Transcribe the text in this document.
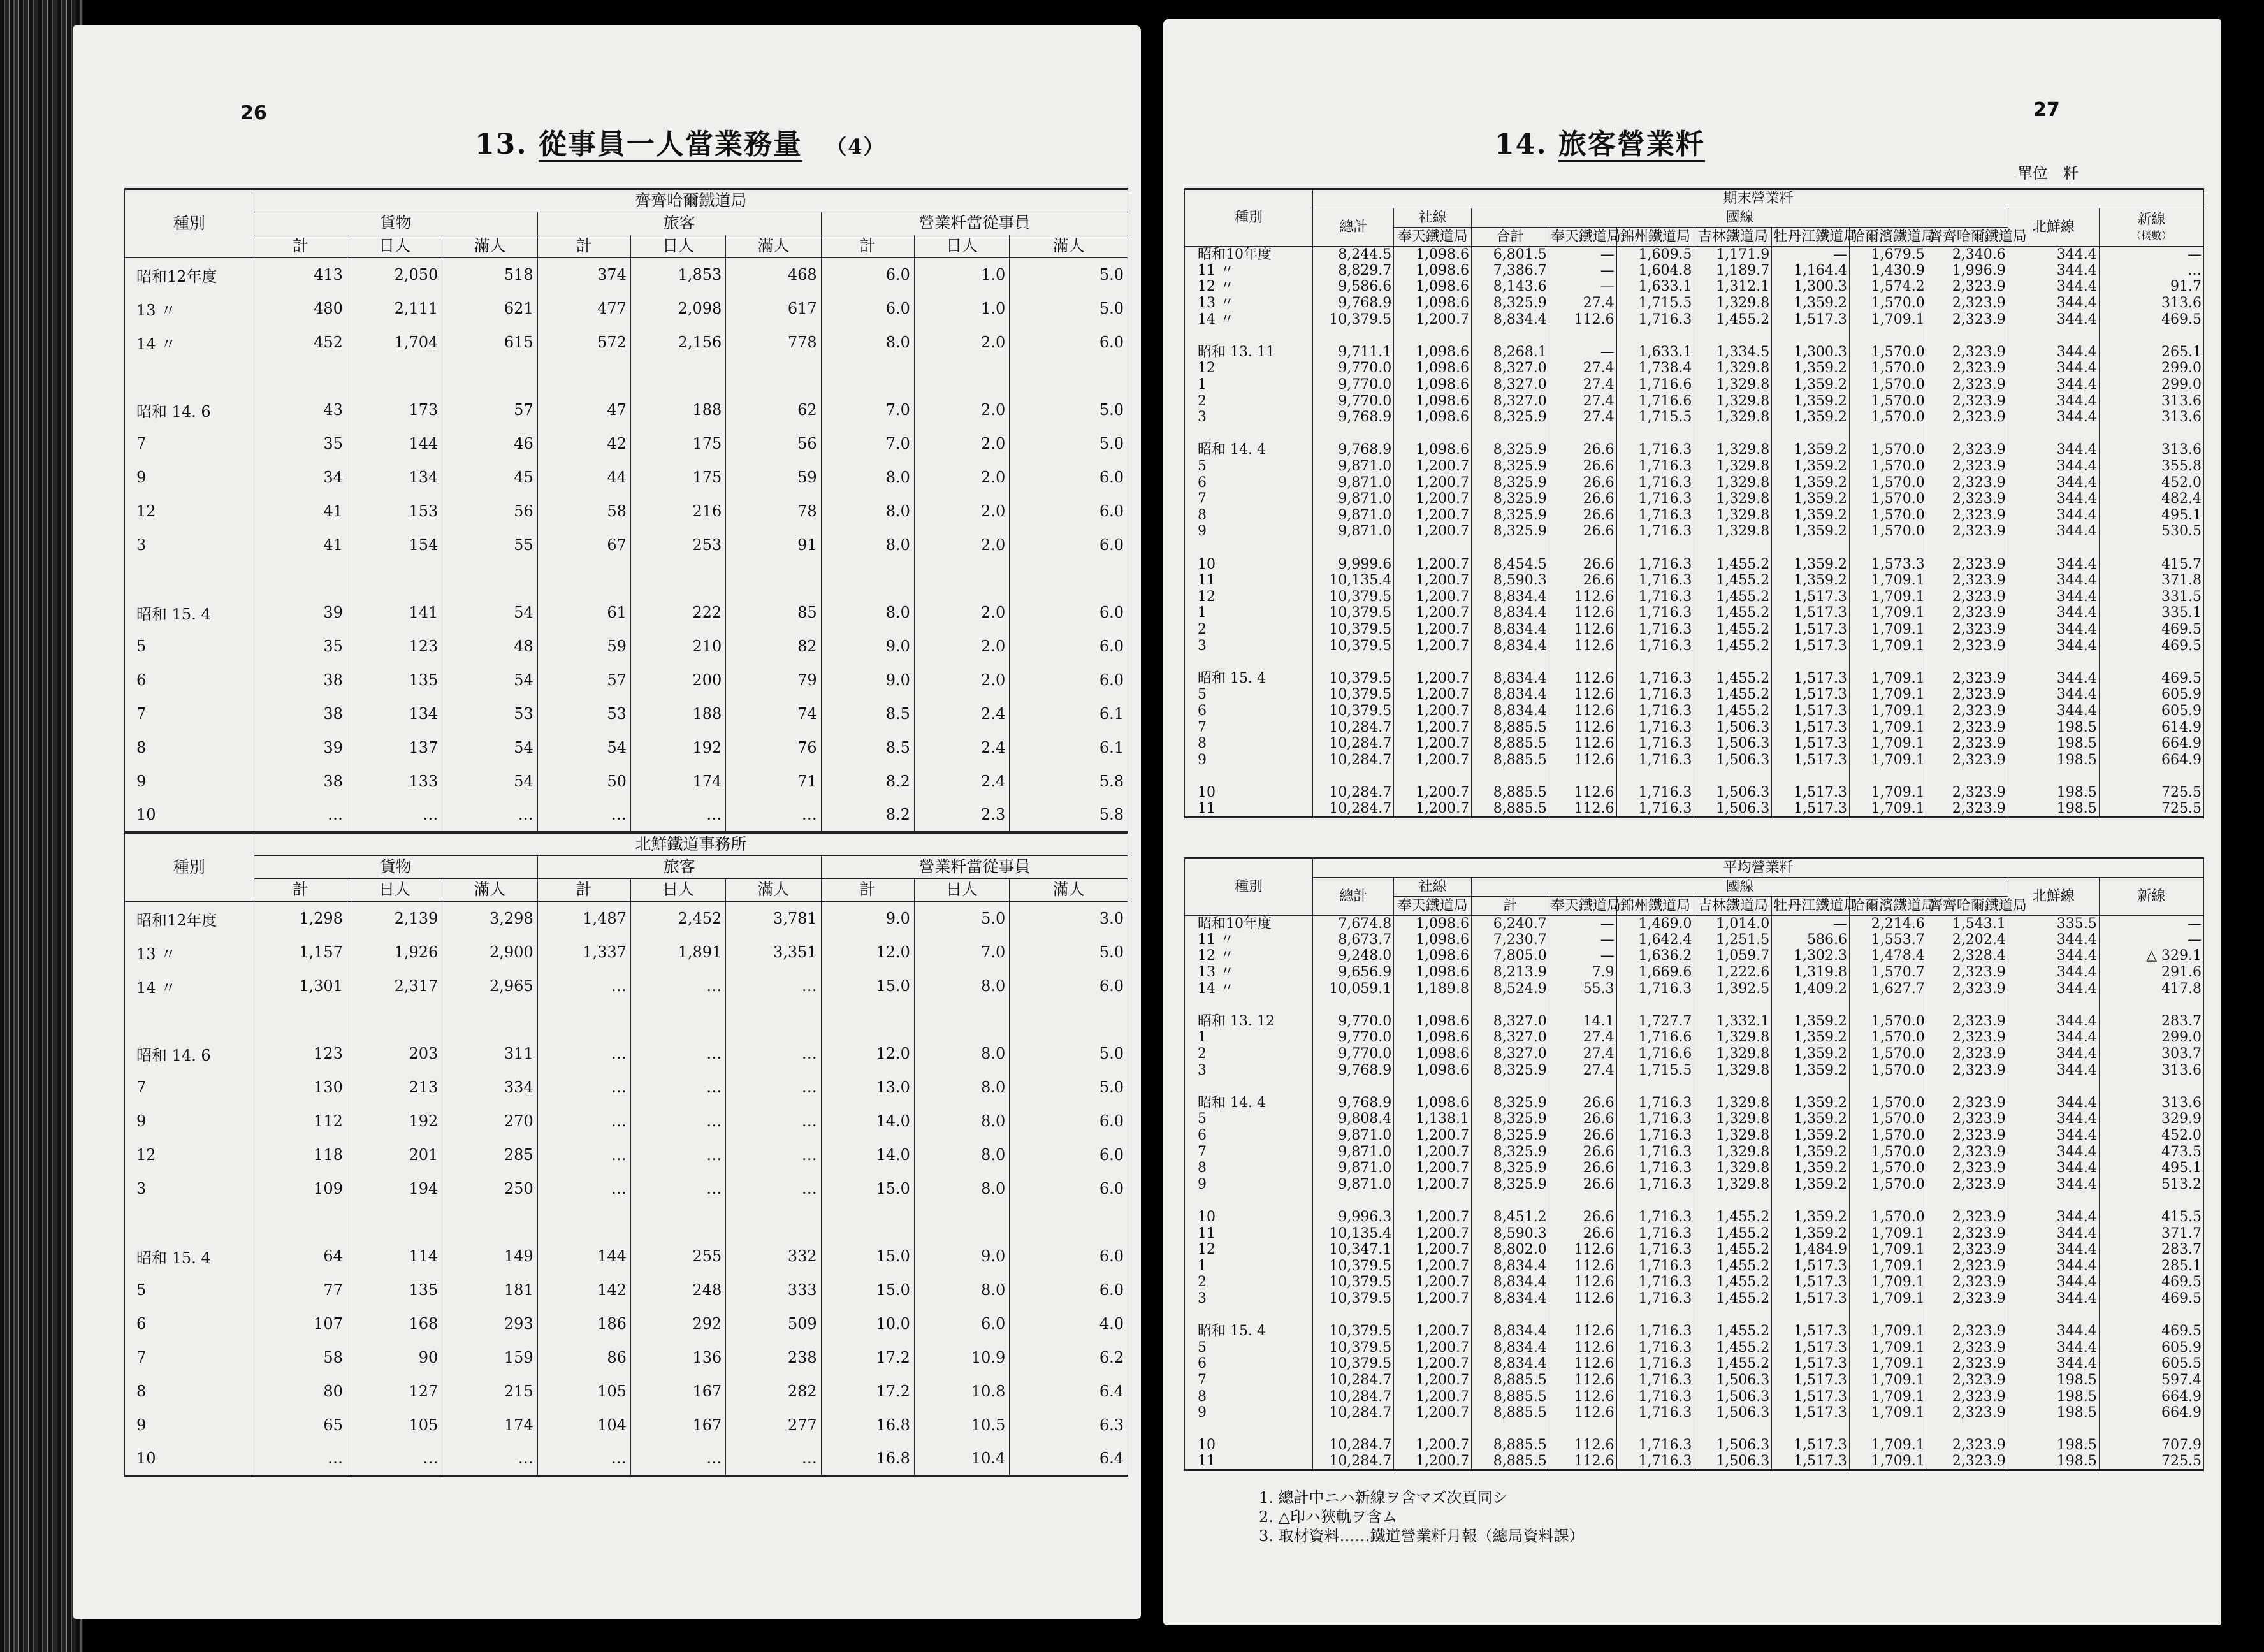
26
13. 從事員一人當業務量 （4）
種別	齊齊哈爾鐵道局								
	貨物			旅客			營業粁當從事員		
	計	日人	滿人	計	日人	滿人	計	日人	滿人
昭和12年度	413	2,050	518	374	1,853	468	6.0	1.0	5.0
13 〃	480	2,111	621	477	2,098	617	6.0	1.0	5.0
14 〃	452	1,704	615	572	2,156	778	8.0	2.0	6.0

昭和 14. 6	43	173	57	47	188	62	7.0	2.0	5.0
7	35	144	46	42	175	56	7.0	2.0	5.0
9	34	134	45	44	175	59	8.0	2.0	6.0
12	41	153	56	58	216	78	8.0	2.0	6.0
3	41	154	55	67	253	91	8.0	2.0	6.0

昭和 15. 4	39	141	54	61	222	85	8.0	2.0	6.0
5	35	123	48	59	210	82	9.0	2.0	6.0
6	38	135	54	57	200	79	9.0	2.0	6.0
7	38	134	53	53	188	74	8.5	2.4	6.1
8	39	137	54	54	192	76	8.5	2.4	6.1
9	38	133	54	50	174	71	8.2	2.4	5.8
10	…	…	…	…	…	…	8.2	2.3	5.8
種別	北鮮鐵道事務所								
	貨物			旅客			營業粁當從事員		
	計	日人	滿人	計	日人	滿人	計	日人	滿人
昭和12年度	1,298	2,139	3,298	1,487	2,452	3,781	9.0	5.0	3.0
13 〃	1,157	1,926	2,900	1,337	1,891	3,351	12.0	7.0	5.0
14 〃	1,301	2,317	2,965	…	…	…	15.0	8.0	6.0

昭和 14. 6	123	203	311	…	…	…	12.0	8.0	5.0
7	130	213	334	…	…	…	13.0	8.0	5.0
9	112	192	270	…	…	…	14.0	8.0	6.0
12	118	201	285	…	…	…	14.0	8.0	6.0
3	109	194	250	…	…	…	15.0	8.0	6.0

昭和 15. 4	64	114	149	144	255	332	15.0	9.0	6.0
5	77	135	181	142	248	333	15.0	8.0	6.0
6	107	168	293	186	292	509	10.0	6.0	4.0
7	58	90	159	86	136	238	17.2	10.9	6.2
8	80	127	215	105	167	282	17.2	10.8	6.4
9	65	105	174	104	167	277	16.8	10.5	6.3
10	…	…	…	…	…	…	16.8	10.4	6.4
27
14. 旅客營業粁
單位　粁
種別	期末營業粁										
	總計	社線	國線							北鮮線	新線
（概數）
		奉天鐵道局	合計	奉天鐵道局	錦州鐵道局	吉林鐵道局	牡丹江鐵道局	哈爾濱鐵道局	齊齊哈爾鐵道局		
昭和10年度	8,244.5	1,098.6	6,801.5	—	1,609.5	1,171.9	—	1,679.5	2,340.6	344.4	—
11 〃	8,829.7	1,098.6	7,386.7	—	1,604.8	1,189.7	1,164.4	1,430.9	1,996.9	344.4	…
12 〃	9,586.6	1,098.6	8,143.6	—	1,633.1	1,312.1	1,300.3	1,574.2	2,323.9	344.4	91.7
13 〃	9,768.9	1,098.6	8,325.9	27.4	1,715.5	1,329.8	1,359.2	1,570.0	2,323.9	344.4	313.6
14 〃	10,379.5	1,200.7	8,834.4	112.6	1,716.3	1,455.2	1,517.3	1,709.1	2,323.9	344.4	469.5

昭和 13. 11	9,711.1	1,098.6	8,268.1	—	1,633.1	1,334.5	1,300.3	1,570.0	2,323.9	344.4	265.1
12	9,770.0	1,098.6	8,327.0	27.4	1,738.4	1,329.8	1,359.2	1,570.0	2,323.9	344.4	299.0
1	9,770.0	1,098.6	8,327.0	27.4	1,716.6	1,329.8	1,359.2	1,570.0	2,323.9	344.4	299.0
2	9,770.0	1,098.6	8,327.0	27.4	1,716.6	1,329.8	1,359.2	1,570.0	2,323.9	344.4	313.6
3	9,768.9	1,098.6	8,325.9	27.4	1,715.5	1,329.8	1,359.2	1,570.0	2,323.9	344.4	313.6

昭和 14. 4	9,768.9	1,098.6	8,325.9	26.6	1,716.3	1,329.8	1,359.2	1,570.0	2,323.9	344.4	313.6
5	9,871.0	1,200.7	8,325.9	26.6	1,716.3	1,329.8	1,359.2	1,570.0	2,323.9	344.4	355.8
6	9,871.0	1,200.7	8,325.9	26.6	1,716.3	1,329.8	1,359.2	1,570.0	2,323.9	344.4	452.0
7	9,871.0	1,200.7	8,325.9	26.6	1,716.3	1,329.8	1,359.2	1,570.0	2,323.9	344.4	482.4
8	9,871.0	1,200.7	8,325.9	26.6	1,716.3	1,329.8	1,359.2	1,570.0	2,323.9	344.4	495.1
9	9,871.0	1,200.7	8,325.9	26.6	1,716.3	1,329.8	1,359.2	1,570.0	2,323.9	344.4	530.5

10	9,999.6	1,200.7	8,454.5	26.6	1,716.3	1,455.2	1,359.2	1,573.3	2,323.9	344.4	415.7
11	10,135.4	1,200.7	8,590.3	26.6	1,716.3	1,455.2	1,359.2	1,709.1	2,323.9	344.4	371.8
12	10,379.5	1,200.7	8,834.4	112.6	1,716.3	1,455.2	1,517.3	1,709.1	2,323.9	344.4	331.5
1	10,379.5	1,200.7	8,834.4	112.6	1,716.3	1,455.2	1,517.3	1,709.1	2,323.9	344.4	335.1
2	10,379.5	1,200.7	8,834.4	112.6	1,716.3	1,455.2	1,517.3	1,709.1	2,323.9	344.4	469.5
3	10,379.5	1,200.7	8,834.4	112.6	1,716.3	1,455.2	1,517.3	1,709.1	2,323.9	344.4	469.5

昭和 15. 4	10,379.5	1,200.7	8,834.4	112.6	1,716.3	1,455.2	1,517.3	1,709.1	2,323.9	344.4	469.5
5	10,379.5	1,200.7	8,834.4	112.6	1,716.3	1,455.2	1,517.3	1,709.1	2,323.9	344.4	605.9
6	10,379.5	1,200.7	8,834.4	112.6	1,716.3	1,455.2	1,517.3	1,709.1	2,323.9	344.4	605.9
7	10,284.7	1,200.7	8,885.5	112.6	1,716.3	1,506.3	1,517.3	1,709.1	2,323.9	198.5	614.9
8	10,284.7	1,200.7	8,885.5	112.6	1,716.3	1,506.3	1,517.3	1,709.1	2,323.9	198.5	664.9
9	10,284.7	1,200.7	8,885.5	112.6	1,716.3	1,506.3	1,517.3	1,709.1	2,323.9	198.5	664.9

10	10,284.7	1,200.7	8,885.5	112.6	1,716.3	1,506.3	1,517.3	1,709.1	2,323.9	198.5	725.5
11	10,284.7	1,200.7	8,885.5	112.6	1,716.3	1,506.3	1,517.3	1,709.1	2,323.9	198.5	725.5
種別	平均營業粁										
	總計	社線	國線							北鮮線	新線
		奉天鐵道局	計	奉天鐵道局	錦州鐵道局	吉林鐵道局	牡丹江鐵道局	哈爾濱鐵道局	齊齊哈爾鐵道局		
昭和10年度	7,674.8	1,098.6	6,240.7	—	1,469.0	1,014.0	—	2,214.6	1,543.1	335.5	—
11 〃	8,673.7	1,098.6	7,230.7	—	1,642.4	1,251.5	586.6	1,553.7	2,202.4	344.4	—
12 〃	9,248.0	1,098.6	7,805.0	—	1,636.2	1,059.7	1,302.3	1,478.4	2,328.4	344.4	△ 329.1
13 〃	9,656.9	1,098.6	8,213.9	7.9	1,669.6	1,222.6	1,319.8	1,570.7	2,323.9	344.4	291.6
14 〃	10,059.1	1,189.8	8,524.9	55.3	1,716.3	1,392.5	1,409.2	1,627.7	2,323.9	344.4	417.8

昭和 13. 12	9,770.0	1,098.6	8,327.0	14.1	1,727.7	1,332.1	1,359.2	1,570.0	2,323.9	344.4	283.7
1	9,770.0	1,098.6	8,327.0	27.4	1,716.6	1,329.8	1,359.2	1,570.0	2,323.9	344.4	299.0
2	9,770.0	1,098.6	8,327.0	27.4	1,716.6	1,329.8	1,359.2	1,570.0	2,323.9	344.4	303.7
3	9,768.9	1,098.6	8,325.9	27.4	1,715.5	1,329.8	1,359.2	1,570.0	2,323.9	344.4	313.6

昭和 14. 4	9,768.9	1,098.6	8,325.9	26.6	1,716.3	1,329.8	1,359.2	1,570.0	2,323.9	344.4	313.6
5	9,808.4	1,138.1	8,325.9	26.6	1,716.3	1,329.8	1,359.2	1,570.0	2,323.9	344.4	329.9
6	9,871.0	1,200.7	8,325.9	26.6	1,716.3	1,329.8	1,359.2	1,570.0	2,323.9	344.4	452.0
7	9,871.0	1,200.7	8,325.9	26.6	1,716.3	1,329.8	1,359.2	1,570.0	2,323.9	344.4	473.5
8	9,871.0	1,200.7	8,325.9	26.6	1,716.3	1,329.8	1,359.2	1,570.0	2,323.9	344.4	495.1
9	9,871.0	1,200.7	8,325.9	26.6	1,716.3	1,329.8	1,359.2	1,570.0	2,323.9	344.4	513.2

10	9,996.3	1,200.7	8,451.2	26.6	1,716.3	1,455.2	1,359.2	1,570.0	2,323.9	344.4	415.5
11	10,135.4	1,200.7	8,590.3	26.6	1,716.3	1,455.2	1,359.2	1,709.1	2,323.9	344.4	371.7
12	10,347.1	1,200.7	8,802.0	112.6	1,716.3	1,455.2	1,484.9	1,709.1	2,323.9	344.4	283.7
1	10,379.5	1,200.7	8,834.4	112.6	1,716.3	1,455.2	1,517.3	1,709.1	2,323.9	344.4	285.1
2	10,379.5	1,200.7	8,834.4	112.6	1,716.3	1,455.2	1,517.3	1,709.1	2,323.9	344.4	469.5
3	10,379.5	1,200.7	8,834.4	112.6	1,716.3	1,455.2	1,517.3	1,709.1	2,323.9	344.4	469.5

昭和 15. 4	10,379.5	1,200.7	8,834.4	112.6	1,716.3	1,455.2	1,517.3	1,709.1	2,323.9	344.4	469.5
5	10,379.5	1,200.7	8,834.4	112.6	1,716.3	1,455.2	1,517.3	1,709.1	2,323.9	344.4	605.9
6	10,379.5	1,200.7	8,834.4	112.6	1,716.3	1,455.2	1,517.3	1,709.1	2,323.9	344.4	605.5
7	10,284.7	1,200.7	8,885.5	112.6	1,716.3	1,506.3	1,517.3	1,709.1	2,323.9	198.5	597.4
8	10,284.7	1,200.7	8,885.5	112.6	1,716.3	1,506.3	1,517.3	1,709.1	2,323.9	198.5	664.9
9	10,284.7	1,200.7	8,885.5	112.6	1,716.3	1,506.3	1,517.3	1,709.1	2,323.9	198.5	664.9

10	10,284.7	1,200.7	8,885.5	112.6	1,716.3	1,506.3	1,517.3	1,709.1	2,323.9	198.5	707.9
11	10,284.7	1,200.7	8,885.5	112.6	1,716.3	1,506.3	1,517.3	1,709.1	2,323.9	198.5	725.5
1. 總計中ニハ新線ヲ含マズ次頁同シ
2. △印ハ狹軌ヲ含ム
3. 取材資料……鐵道營業粁月報（總局資料課）
